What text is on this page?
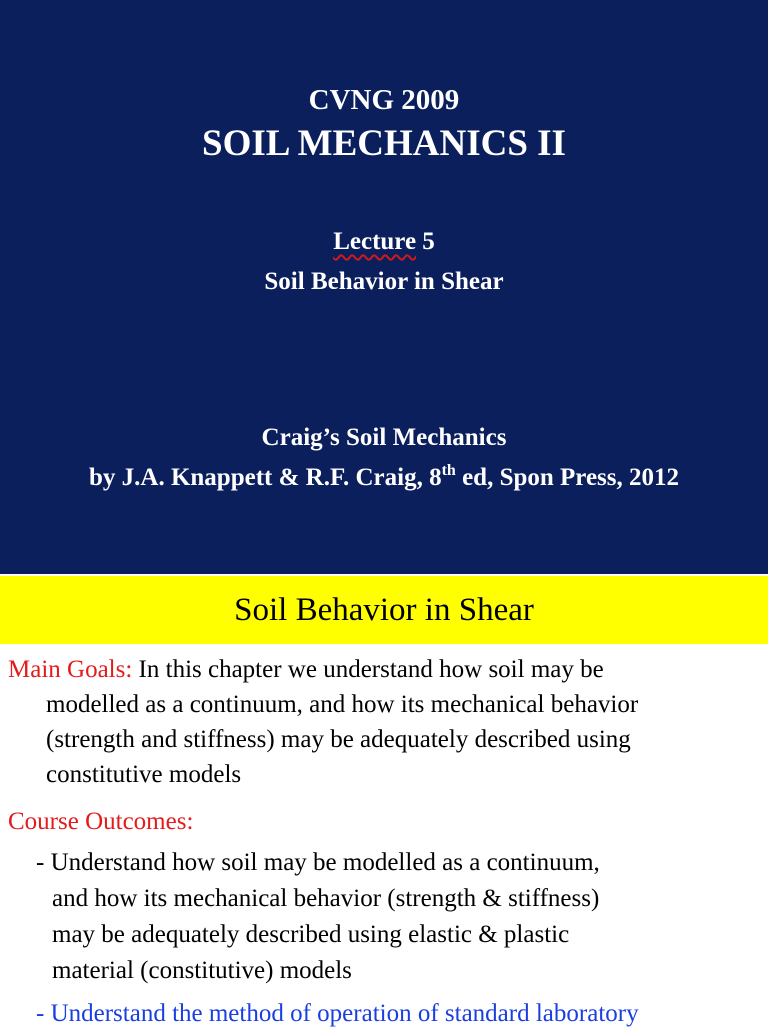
CVNG 2009
SOIL MECHANICS II
Lecture 5
Soil Behavior in Shear
Craig’s Soil Mechanics
by J.A. Knappett & R.F. Craig, 8th ed, Spon Press, 2012
Soil Behavior in Shear
Main Goals: In this chapter we understand how soil may be
modelled as a continuum, and how its mechanical behavior
(strength and stiffness) may be adequately described using
constitutive models
Course Outcomes:
- Understand how soil may be modelled as a continuum,
and how its mechanical behavior (strength & stiffness)
may be adequately described using elastic & plastic
material (constitutive) models
- Understand the method of operation of standard laboratory
